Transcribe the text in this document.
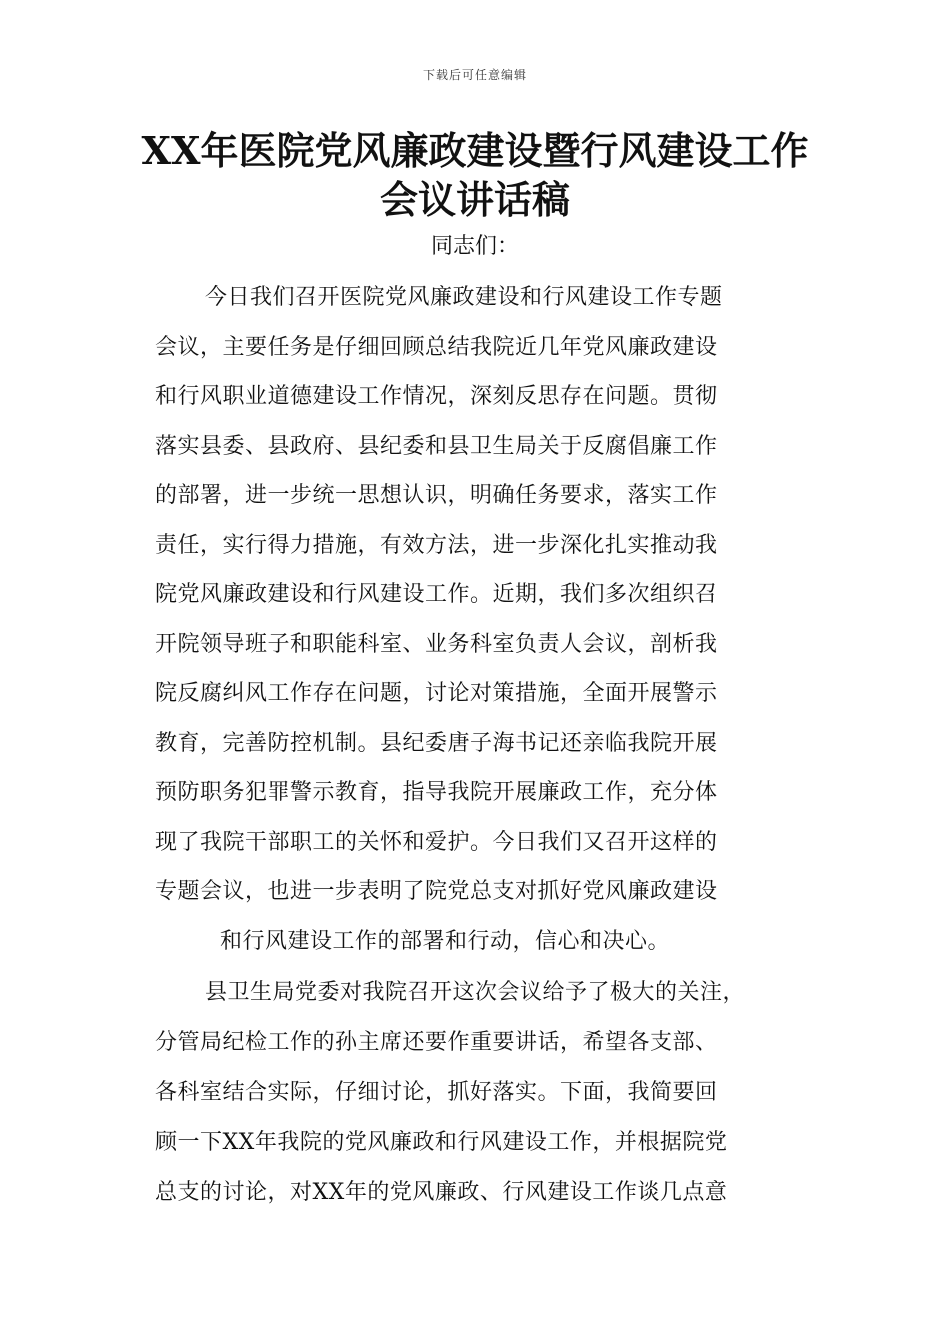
下载后可任意编辑
XX年医院党风廉政建设暨行风建设工作
会议讲话稿
同志们：
今日我们召开医院党风廉政建设和行风建设工作专题
会议，主要任务是仔细回顾总结我院近几年党风廉政建设
和行风职业道德建设工作情况，深刻反思存在问题。贯彻
落实县委、县政府、县纪委和县卫生局关于反腐倡廉工作
的部署，进一步统一思想认识，明确任务要求，落实工作
责任，实行得力措施，有效方法，进一步深化扎实推动我
院党风廉政建设和行风建设工作。近期，我们多次组织召
开院领导班子和职能科室、业务科室负责人会议，剖析我
院反腐纠风工作存在问题，讨论对策措施，全面开展警示
教育，完善防控机制。县纪委唐子海书记还亲临我院开展
预防职务犯罪警示教育，指导我院开展廉政工作，充分体
现了我院干部职工的关怀和爱护。今日我们又召开这样的
专题会议，也进一步表明了院党总支对抓好党风廉政建设
和行风建设工作的部署和行动，信心和决心。
县卫生局党委对我院召开这次会议给予了极大的关注，
分管局纪检工作的孙主席还要作重要讲话，希望各支部、
各科室结合实际，仔细讨论，抓好落实。下面，我简要回
顾一下XX年我院的党风廉政和行风建设工作，并根据院党
总支的讨论，对XX年的党风廉政、行风建设工作谈几点意
